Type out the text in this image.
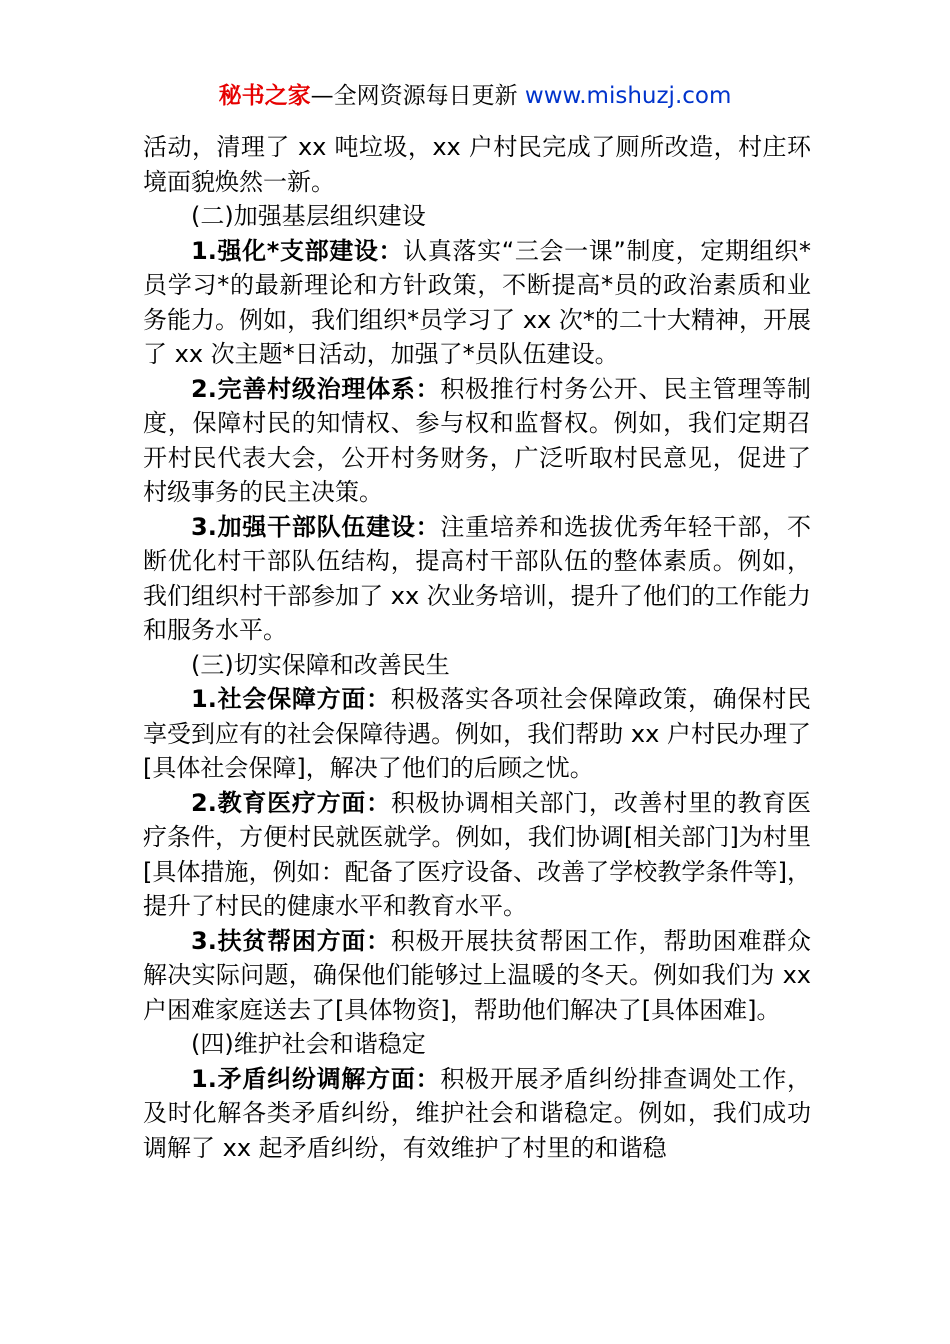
秘书之家—全网资源每日更新 www.mishuzj.com

活动，清理了 xx 吨垃圾，xx 户村民完成了厕所改造，村庄环境面貌焕然一新。

(二)加强基层组织建设

1.强化*支部建设：认真落实“三会一课”制度，定期组织*员学习*的最新理论和方针政策，不断提高*员的政治素质和业务能力。例如，我们组织*员学习了 xx 次*的二十大精神，开展了 xx 次主题*日活动，加强了*员队伍建设。

2.完善村级治理体系：积极推行村务公开、民主管理等制度，保障村民的知情权、参与权和监督权。例如，我们定期召开村民代表大会，公开村务财务，广泛听取村民意见，促进了村级事务的民主决策。

3.加强干部队伍建设：注重培养和选拔优秀年轻干部，不断优化村干部队伍结构，提高村干部队伍的整体素质。例如，我们组织村干部参加了 xx 次业务培训，提升了他们的工作能力和服务水平。

(三)切实保障和改善民生

1.社会保障方面：积极落实各项社会保障政策，确保村民享受到应有的社会保障待遇。例如，我们帮助 xx 户村民办理了[具体社会保障]，解决了他们的后顾之忧。

2.教育医疗方面：积极协调相关部门，改善村里的教育医疗条件，方便村民就医就学。例如，我们协调[相关部门]为村里[具体措施，例如：配备了医疗设备、改善了学校教学条件等]，提升了村民的健康水平和教育水平。

3.扶贫帮困方面：积极开展扶贫帮困工作，帮助困难群众解决实际问题，确保他们能够过上温暖的冬天。例如我们为 xx 户困难家庭送去了[具体物资]，帮助他们解决了[具体困难]。

(四)维护社会和谐稳定

1.矛盾纠纷调解方面：积极开展矛盾纠纷排查调处工作，及时化解各类矛盾纠纷，维护社会和谐稳定。例如，我们成功调解了 xx 起矛盾纠纷，有效维护了村里的和谐稳
